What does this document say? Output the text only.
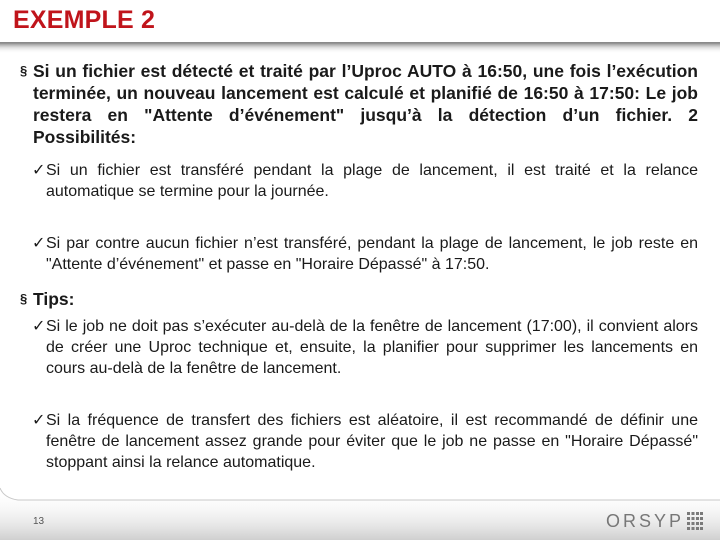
EXEMPLE 2
§ Si un fichier est détecté et traité par l’Uproc AUTO à 16:50, une fois l’exécution terminée, un nouveau lancement est calculé et planifié de 16:50 à 17:50: Le job restera en "Attente d’événement" jusqu’à la détection d’un fichier. 2 Possibilités:
✓ Si un fichier est transféré pendant la plage de lancement, il est traité et la relance automatique se termine pour la journée.
✓ Si par contre aucun fichier n’est transféré, pendant la plage de lancement, le job reste en "Attente d’événement" et passe en "Horaire Dépassé" à 17:50.
§ Tips:
✓ Si le job ne doit pas s’exécuter au-delà de la fenêtre de lancement (17:00), il convient alors de créer une Uproc technique et, ensuite, la planifier pour supprimer les lancements en cours au-delà de la fenêtre de lancement.
✓ Si la fréquence de transfert des fichiers est aléatoire, il est recommandé de définir une fenêtre de lancement assez grande pour éviter que le job ne passe en "Horaire Dépassé" stoppant ainsi la relance automatique.
13	ORSYP
